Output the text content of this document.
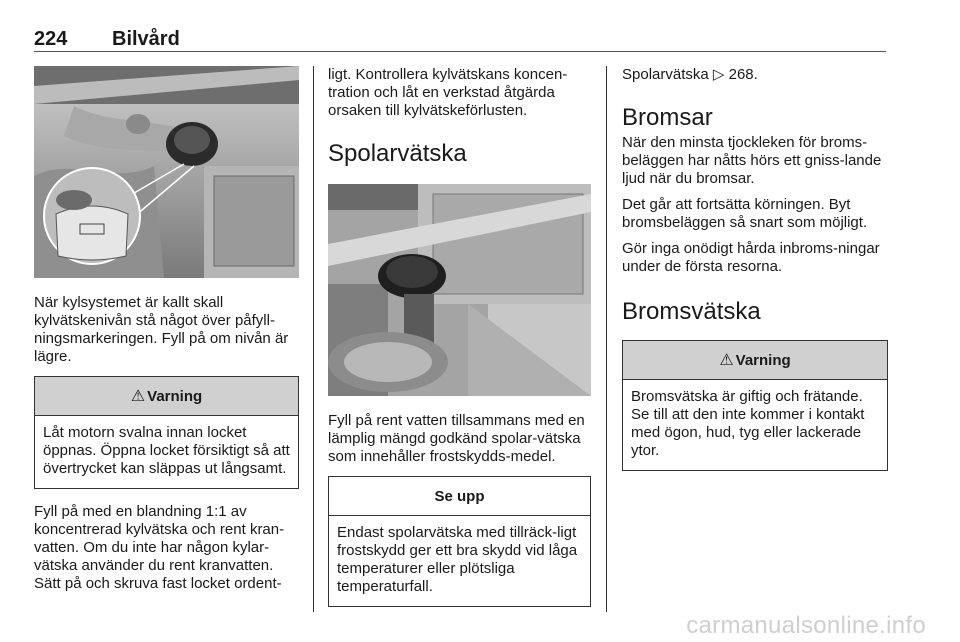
224 Bilvård

När kylsystemet är kallt skall kylvätskenivån stå något över påfyll-ningsmarkeringen. Fyll på om nivån är lägre.

⚠ Varning
Låt motorn svalna innan locket öppnas. Öppna locket försiktigt så att övertrycket kan släppas ut långsamt.

Fyll på med en blandning 1:1 av koncentrerad kylvätska och rent kran-vatten. Om du inte har någon kylar-vätska använder du rent kranvatten. Sätt på och skruva fast locket ordent-

ligt. Kontrollera kylvätskans koncen-tration och låt en verkstad åtgärda orsaken till kylvätskeförlusten.

Spolarvätska

Fyll på rent vatten tillsammans med en lämplig mängd godkänd spolar-vätska som innehåller frostskydds-medel.

Se upp
Endast spolarvätska med tillräck-ligt frostskydd ger ett bra skydd vid låga temperaturer eller plötsliga temperaturfall.

Spolarvätska ▷ 268.

Bromsar

När den minsta tjockleken för broms-beläggen har nåtts hörs ett gniss-lande ljud när du bromsar.

Det går att fortsätta körningen. Byt bromsbeläggen så snart som möjligt.

Gör inga onödigt hårda inbroms-ningar under de första resorna.

Bromsvätska
⚠ Varning
Bromsvätska är giftig och frätande. Se till att den inte kommer i kontakt med ögon, hud, tyg eller lackerade ytor.
carmanualsonline.info
